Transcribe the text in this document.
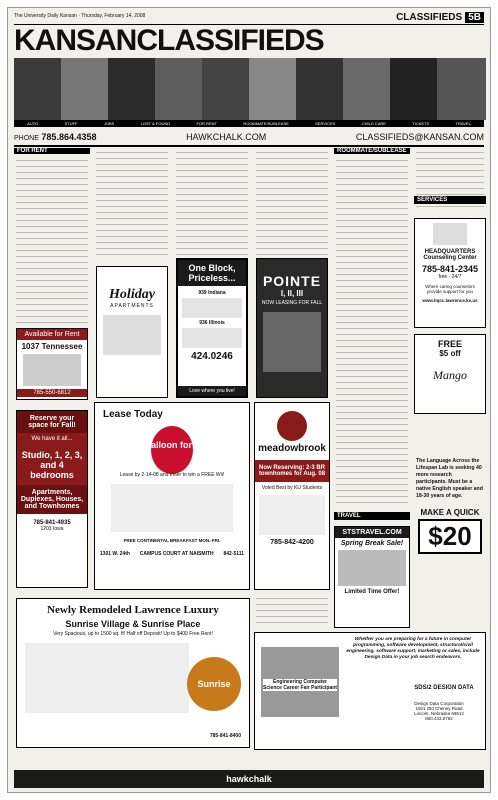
The University Daily Kansan · Thursday, February 14, 2008	CLASSIFIEDS 5B
KANSANCLASSIFIEDS
AUTO	STUFF	JOBS	LOST & FOUND	FOR RENT	ROOMMATE/SUBLEASE	SERVICES	CHILD CARE	TICKETS	TRAVEL
PHONE 785.864.4358	HAWKCHALK.COM	CLASSIFIEDS@KANSAN.COM
FOR RENT
Available for Rent
1037 Tennessee
785-550-6812
Reserve your space for Fall!
We have it all...
Studio, 1, 2, 3, and 4 bedrooms
Apartments, Duplexes, Houses, and Townhomes
785-841-4935
1203 Iowa
Holiday
APARTMENTS
One Block, Priceless...
939 Indiana
936 Illinois
424.0246
Love where you live!
POINTE
I, II, III
NOW LEASING FOR FALL
ROOMMATE/SUBLEASE
SERVICES
HEADQUARTERS Counseling Center
785-841-2345
free - 24/7
Where caring counselors provide support for you
www.hqcc.lawrence.ks.us
FREE
$5 off
Mango
The Language Across the Lifespan Lab is seeking 40 more research participants. Must be a native English speaker and 18-30 years of age.
MAKE A QUICK
$20
Lease Today
Pop a Balloon for a Prize!
Lease by 2-14-08 and enter to win a FREE Wii!
FREE CONTINENTAL BREAKFAST MON.-FRI.
1301 W. 24th CAMPUS COURT AT NAISMITH 842-5111
meadowbrook
Now Reserving: 2-3 BR townhomes for Aug. 08
Voted Best by KU Students
785-842-4200
TRAVEL
STSTRAVEL.COM
Spring Break Sale!
Limited Time Offer!
Newly Remodeled Lawrence Luxury
Sunrise Village & Sunrise Place
Very Spacious, up to 1500 sq. ft! Half off Deposit! Up to $400 Free Rent!
Sunrise
785-841-8400
Engineering Computer Science Career Fair Participant
Whether you are preparing for a future in computer programming, software development, structural/civil engineering, software support, marketing or sales, include Design Data in your job search endeavors.
SDS/2 DESIGN DATA
Design Data Corporation
1501 Old Cheney Road
Lincoln, Nebraska 68512
800.443.0782
hawkchalk
